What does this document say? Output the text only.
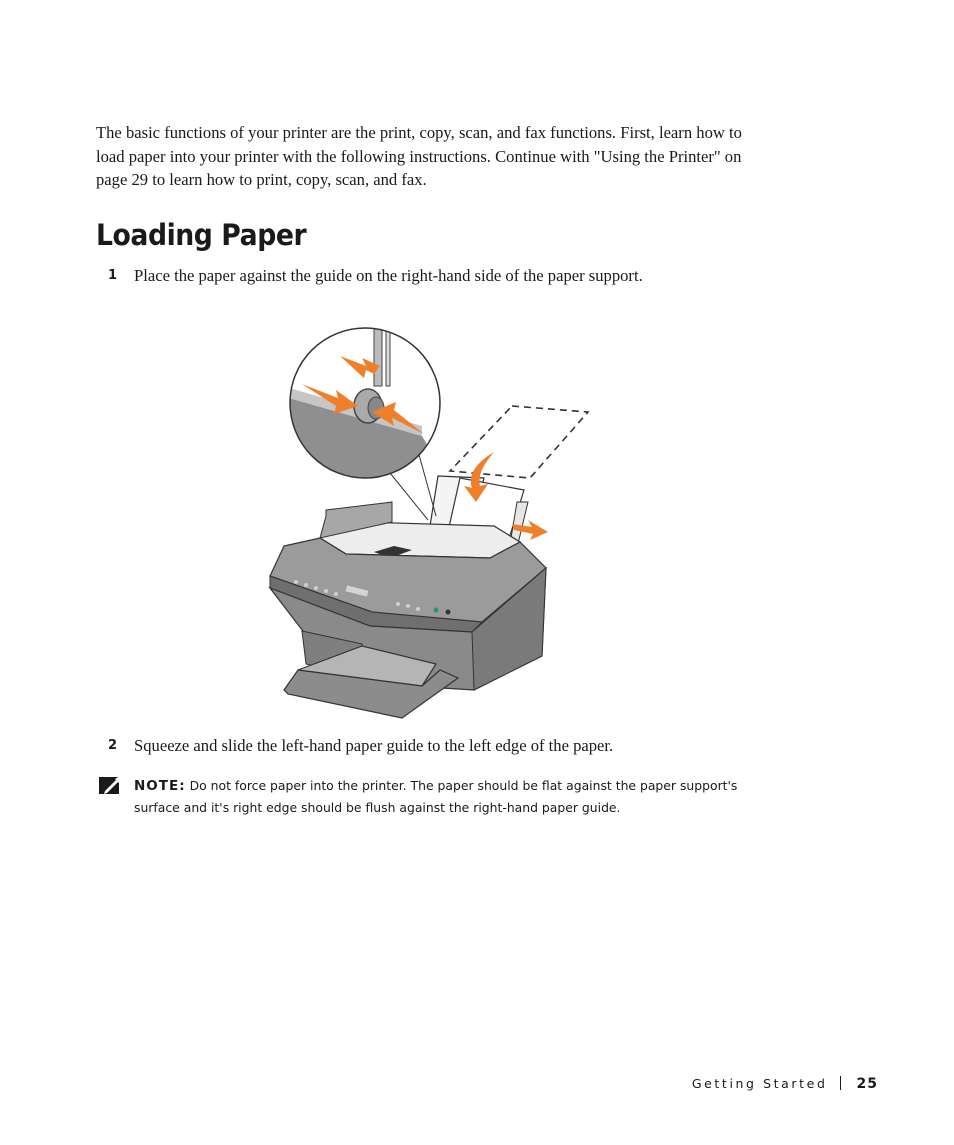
The basic functions of your printer are the print, copy, scan, and fax functions. First, learn how to load paper into your printer with the following instructions. Continue with "Using the Printer" on page 29 to learn how to print, copy, scan, and fax.

Loading Paper
1 Place the paper against the guide on the right-hand side of the paper support.
2 Squeeze and slide the left-hand paper guide to the left edge of the paper.

NOTE: Do not force paper into the printer. The paper should be flat against the paper support's surface and it's right edge should be flush against the right-hand paper guide.

Getting Started 25
